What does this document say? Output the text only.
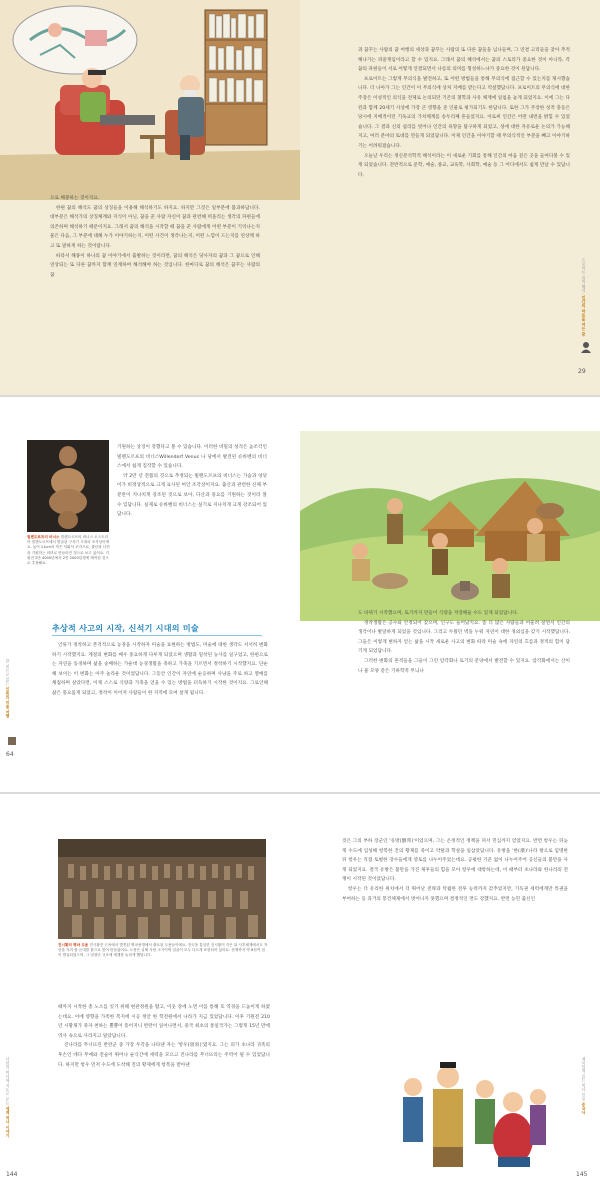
으로 해몽하는 것이지요.

한편 꿈의 해석도 꿈의 상징들을 이용해 해석하기도 하지요. 하지만 그것은 일부분에 불과하답니다. 대부분은 해석가의 상징체계와 지식이 아닌, 꿈을 꾼 사람 자신이 꿈과 관련해 떠올리는 생각의 파편들에 의존하며 해석하기 때문이지요. 그래서 꿈의 해석을 시작할 때 꿈을 꾼 사람에게 어떤 부분이 기억나는지 물은 다음, 그 부분에 대해 누가 이야기하는지, 어떤 사건이 생각나는지, 어떤 느낌이 드는지를 연상케 하고 또 말하게 하는 것이랍니다.

따라서 해몽이 하나의 꿈 이야기에서 출발하는 것이라면, 꿈의 해석은 당사자의 꿈과 그 꿈으로 인해 연상되는 또 다른 꿈까지 함께 연계하여 해석해야 하는 것입니다. 한마디로 꿈의 해석은 꿈꾸는 사람의 꿈

과 꿈꾸는 사람의 꿈 여행의 세상과 꿈꾸는 사람의 또 다른 꿈들을 넘나들며, 그 연결 고리들을 찾아 추적해나가는 퍼즐게임이라고 할 수 있지요. 그래서 꿈의 해석에서는 꿈의 스토리가 중요한 것이 아니라, 각 꿈의 파편들이 서로 어떻게 연결되면서 나름의 의미를 형성하느냐가 중요한 것이 된답니다.

프로이트는 그렇게 무의식을 발견하고, 또 어떤 방법들을 통해 무의식에 접근할 수 있는지를 제시했습니다. 더 나아가 그는 인간이 이 무의식에 상처 지배를 받는다고 역설했답니다. 프로이트의 무의식에 대한 주장은 이성적인 의식을 전제로 논의되던 기존의 철학과 사유 체계에 일침을 놓게 되었지요. 이에 그는 다윈과 함께 20세기 사상에 가장 큰 영향을 준 인물로 평가되기도 한답니다. 또한 그가 주장한 성적 충동은 당시에 지배적이던 기독교의 가치체계를 송두리째 흔들었지요. 이로써 인간은 어떤 내면을 밝힐 수 있었습니다. 그 결과 신의 섭리를 벗어나 인간의 욕망을 탐구하게 되었고, 성에 대한 자유로운 논의가 가능해지고, 여러 분야의 토대를 만들게 되었답니다. 이제 인간을 이야기할 때 무의식적인 부분을 빼고 이야기하기는 어려워졌습니다.

오늘날 우리는 정신분석학적 해석이라는 이 새로운 기회를 통해 인간의 마음 깊은 곳을 들여다볼 수 있게 되었습니다. 전반적으로 문학, 예술, 종교, 교육학, 사회학, 예술 등 그 어디에서도 쉽게 만날 수 있답니다.

프로이트 꿈의 해석, 인간의 마음을 여는 꿈
29
빌렌도르프의 비너스 빌렌도르프의 비너스 오스트리아 빌렌도르프에서 발굴된 구석기 시대의 조각상이에요. 높이 11cm의 작은 석회석 조각으로, 출산과 다산을 기원하는 의미로 만들어진 것으로 보고 있어요. 기원전 2만 4000년에서 2만 2000년경에 제작된 것으로 추정해요.

기원하는 상징이 강했다고 볼 수 있습니다. 이러한 비밀의 성격은 높조각인 빌렌도르프의 비너스Willendorf Venus 나 당에서 발견된 슈바벤의 비너스에서 쉽게 짐작할 수 있습니다.

약 2만 년 전쯤의 것으로 추정되는 빌렌도르프의 비너스는 가슴과 엉덩이가 비정상적으로 크게 표사된 여인 조각상이지요. 출산과 관련한 신체 부분만이 지나치게 강조된 것으로 보아, 다산과 풍요를 기원하는 것이라 볼 수 있답니다. 실제로 슈바벤의 비너스는 실기로 지나치게 크게 강조되어 있답니다.

추상적 사고의 시작, 신석기 시대의 미술

인류가 정착하고 본격적으로 농경을 시작하자 미술을 표현하는 방법도, 미술에 대한 생각도 서서히 변화하기 시작했지요. 계절의 변화를 매우 중요하게 다루게 되었으며 생활과 밀착된 농사를 일구었고, 한편으로는 자연을 동경하며 삶을 숭배하는 가운데 농경생활을 축하고 가축을 기르면서 정착하기 시작했지요. 단순해 보이는 이 변화는 아주 놀라운 것이었답니다. 그동안 인간이 자연에 순응하며 사냥을 주로 하고 열매를 채집하며 살았다면, 이제 스스로 식량과 가축을 얻을 수 있는 방법을 터득하기 시작한 것이지요. 그로인해 삶은 풍요롭게 되었고, 정착이 이어져 사람들이 한 지역에 모여 살게 됩니다.

한 권으로 읽는 인류의 미술 여행
64

도 바뀌기 시작했으며, 토기까지 만들어 식량을 저장해둘 수도 있게 되었답니다.

정착생활은 공수와 안정되어 갔으며, 인구도 늘어났지요. 좀 더 많은 사람들과 어울려 살면서 인간의 생각이나 발달하게 되었을 것입니다. 그리고 두웠던 벽돌 누워 자연이 대한 경외심을 갖기 시작했답니다. 그들은 이렇게 변하자 얻는 삶을 시작 새로운 사고의 변화 따라 미술 속에 자연의 흐름과 정적의 힘이 담기게 되었답니다.

그러한 변화의 흔적들을 그들이 그린 암각화나 토기의 문양에서 발견할 수 있지요. 암각화에서는 산이나 물 모양 같은 기하학적 무늬나

진시황의 병마 도용 진시황릉 근처에서 발견된 병마용갱에서 출토된 도용들이에요. 전국을 통일한 진시황이 죽은 뒤 사후세계에서도 자신을 지켜 줄 군대를 흙으로 빚어 만들었어요. 도용은 실제 사람 크기이며 얼굴이 모두 다르게 표현되어 있어요. 현재까지 약 8천여 점이 발굴되었으며, 그 엄청난 규모에 세계를 놀라게 했답니다.

때까지 시작한 총 노소를 잇기 위해 현관정원을 활고, 이웃 강에 노면 이를 통해 호 역경을 드높이게 하였는데요. 이에 영향을 가족한 복지에 시공 정안 한 학전원에서 나라가 지금 있었답니다. 이후 기원전 210년 시황제가 죽자 천하는 뿔뿔이 흩어지니 반란이 일어나면서, 중국 최초의 통일국가는 그렇게 15년 만에 역사 속으로 사라지고 말았답니다.

진나라를 무너뜨린 반란군 중 가장 두각을 나타낸 자는 '항우(項羽)'였지요. 그는 피가 초나라 귀족의 후손인 데다 무예와 전술이 뛰어나 순식간에 세력을 모으고 진나라를 무너뜨리는 주역이 될 수 있었답니다. 하지만 항우 먼저 수도에 도착해 진의 황제에게 항복을 받아낸

사람의 역사에 지도로 보는 세계 역사 이야기
144

것은 그의 부하 장군인 '유방(劉邦)'이었으며, 그는 온정적인 정책을 펴서 민심까지 얻었지요. 반면 항우는 뒤늦게 수도에 입성해 항복한 진의 황제를 죽이고 약탈과 학살을 일삼았답니다. 유방을 '한(漢)'나라 왕으로 임명한 뒤 항우는 직접 토벌한 장수들에게 영토를 나누어주었는데요. 공평한 기준 없이 나누어주어 공신들의 불만을 사게 되었지요. 결국 유방은 불만을 가진 제후들의 힘을 모아 항우에 대항하는데, 이 때부터 초나라와 한나라의 전쟁이 시작된 것이었답니다.

항우는 더 유리한 위치에서 더 뛰어난 전략과 탁월한 전투 능력까지 갖추었지만, 기득권 세력에게만 특권을 부여하는 등 과거의 봉건체제에서 벗어나지 못했으며 결정적인 면도 강했지요. 반면 농민 출신인

재미있게 읽는 역사 인물 중국사
145
